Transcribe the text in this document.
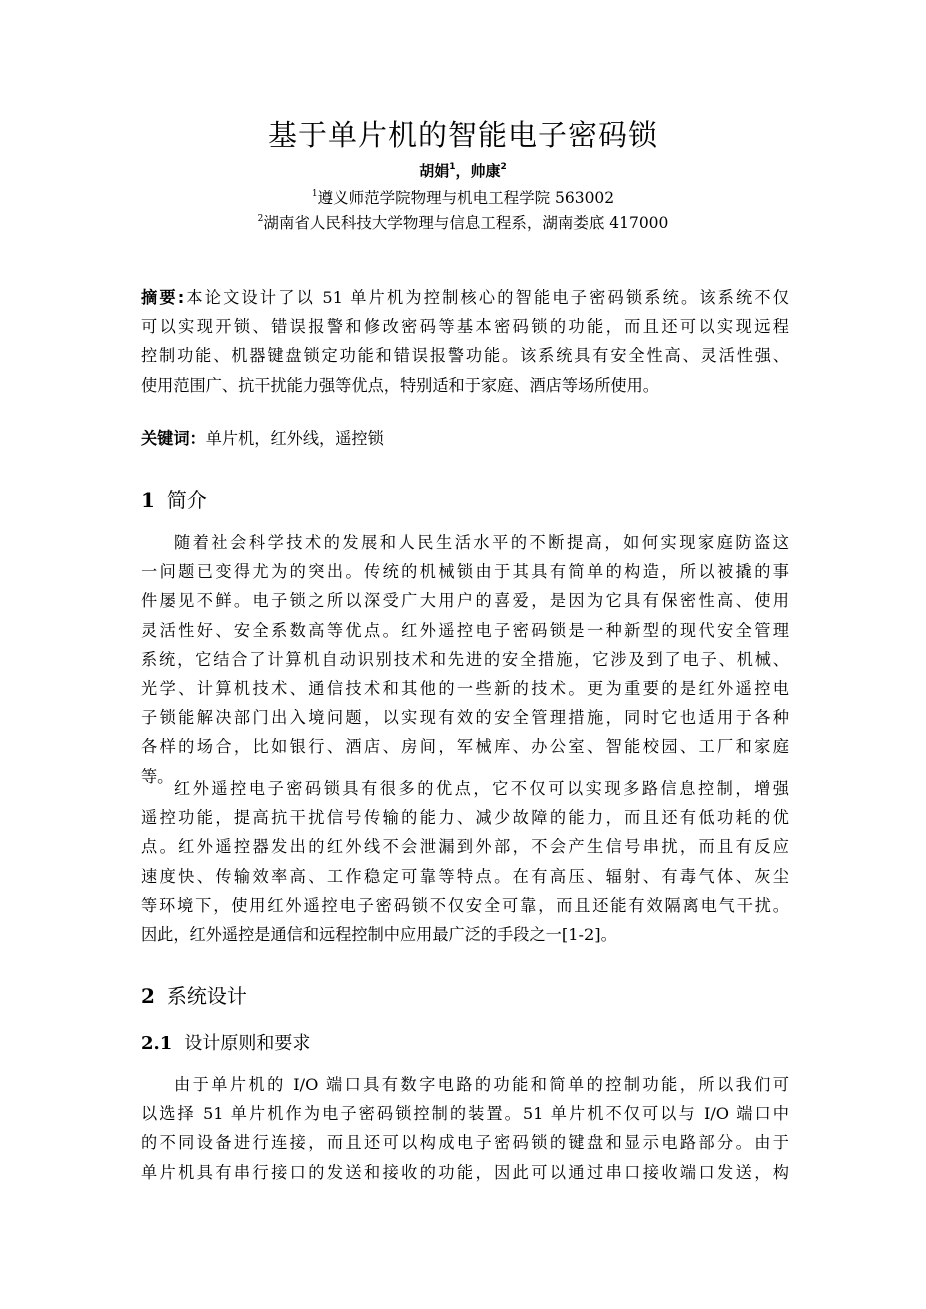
基于单片机的智能电子密码锁
胡娟$^1$，帅康$^2$
$^1$遵义师范学院物理与机电工程学院 563002
$^2$湖南省人民科技大学物理与信息工程系，湖南娄底 417000
摘要:本论文设计了以 51 单片机为控制核心的智能电子密码锁系统。该系统不仅
可以实现开锁、错误报警和修改密码等基本密码锁的功能，而且还可以实现远程
控制功能、机器键盘锁定功能和错误报警功能。该系统具有安全性高、灵活性强、
使用范围广、抗干扰能力强等优点，特别适和于家庭、酒店等场所使用。
关键词：单片机，红外线，遥控锁
1 简介
随着社会科学技术的发展和人民生活水平的不断提高，如何实现家庭防盗这
一问题已变得尤为的突出。传统的机械锁由于其具有简单的构造，所以被撬的事
件屡见不鲜。电子锁之所以深受广大用户的喜爱，是因为它具有保密性高、使用
灵活性好、安全系数高等优点。红外遥控电子密码锁是一种新型的现代安全管理
系统，它结合了计算机自动识别技术和先进的安全措施，它涉及到了电子、机械、
光学、计算机技术、通信技术和其他的一些新的技术。更为重要的是红外遥控电
子锁能解决部门出入境问题，以实现有效的安全管理措施，同时它也适用于各种
各样的场合，比如银行、酒店、房间，军械库、办公室、智能校园、工厂和家庭
等。
红外遥控电子密码锁具有很多的优点，它不仅可以实现多路信息控制，增强
遥控功能，提高抗干扰信号传输的能力、减少故障的能力，而且还有低功耗的优
点。红外遥控器发出的红外线不会泄漏到外部，不会产生信号串扰，而且有反应
速度快、传输效率高、工作稳定可靠等特点。在有高压、辐射、有毒气体、灰尘
等环境下，使用红外遥控电子密码锁不仅安全可靠，而且还能有效隔离电气干扰。
因此，红外遥控是通信和远程控制中应用最广泛的手段之一[1-2]。
2 系统设计
2.1 设计原则和要求
由于单片机的 I/O 端口具有数字电路的功能和简单的控制功能，所以我们可
以选择 51 单片机作为电子密码锁控制的装置。51 单片机不仅可以与 I/O 端口中
的不同设备进行连接，而且还可以构成电子密码锁的键盘和显示电路部分。由于
单片机具有串行接口的发送和接收的功能，因此可以通过串口接收端口发送，构
